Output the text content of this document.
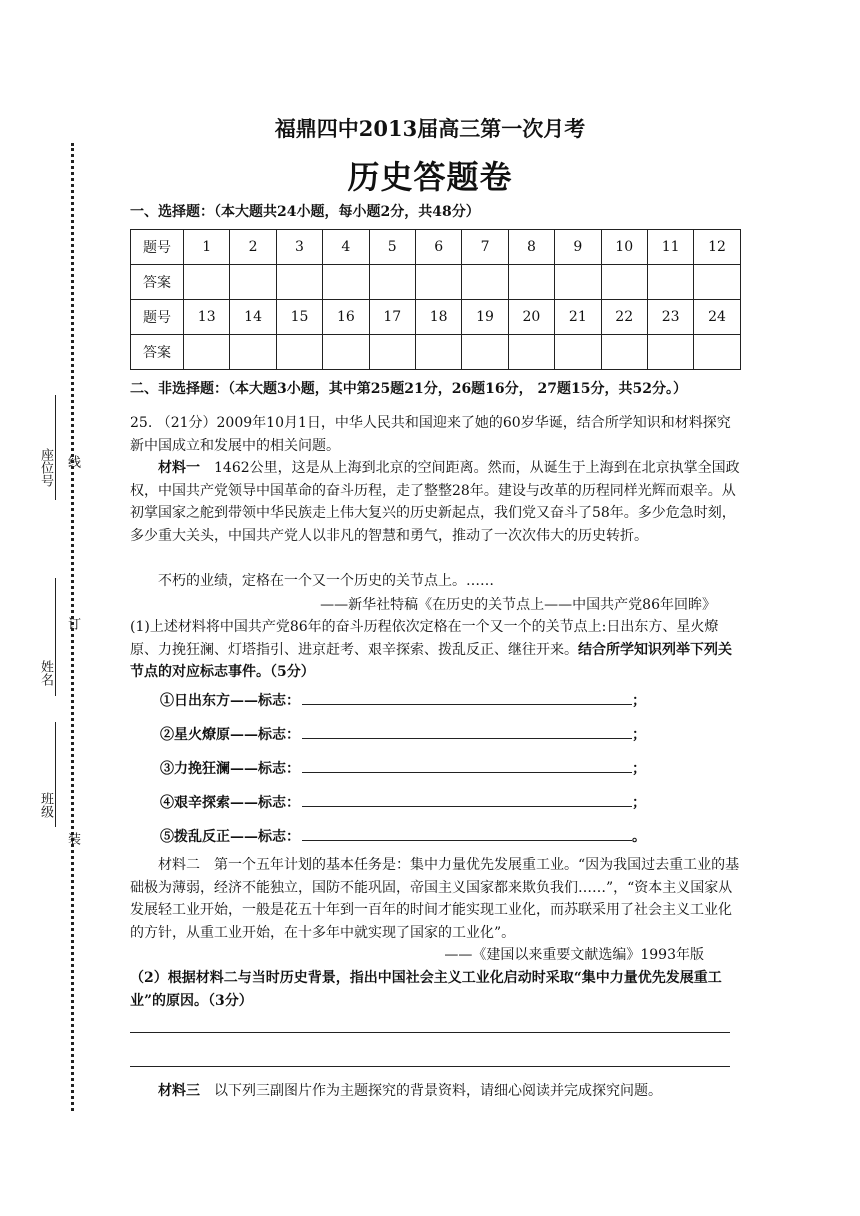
座位号
姓名
班级
线
订
装
福鼎四中2013届高三第一次月考
历史答题卷
一、选择题：（本大题共24小题，每小题2分，共48分）
题号	1	2	3	4	5	6	7	8	9	10	11	12
答案												
题号	13	14	15	16	17	18	19	20	21	22	23	24
答案												
二、非选择题：（本大题3小题，其中第25题21分，26题16分， 27题15分，共52分。）
25. （21分）2009年10月1日，中华人民共和国迎来了她的60岁华诞，结合所学知识和材料探究新中国成立和发展中的相关问题。
材料一　1462公里，这是从上海到北京的空间距离。然而，从诞生于上海到在北京执掌全国政权，中国共产党领导中国革命的奋斗历程，走了整整28年。建设与改革的历程同样光辉而艰辛。从初掌国家之舵到带领中华民族走上伟大复兴的历史新起点，我们党又奋斗了58年。多少危急时刻，多少重大关头，中国共产党人以非凡的智慧和勇气，推动了一次次伟大的历史转折。
不朽的业绩，定格在一个又一个历史的关节点上。……
——新华社特稿《在历史的关节点上——中国共产党86年回眸》
(1)上述材料将中国共产党86年的奋斗历程依次定格在一个又一个的关节点上:日出东方、星火燎原、力挽狂澜、灯塔指引、进京赶考、艰辛探索、拨乱反正、继往开来。结合所学知识列举下列关节点的对应标志事件。（5分）
①日出东方——标志：	；
②星火燎原——标志：	；
③力挽狂澜——标志：	；
④艰辛探索——标志：	；
⑤拨乱反正——标志：	。
材料二　第一个五年计划的基本任务是：集中力量优先发展重工业。“因为我国过去重工业的基础极为薄弱，经济不能独立，国防不能巩固，帝国主义国家都来欺负我们……”，“资本主义国家从发展轻工业开始，一般是花五十年到一百年的时间才能实现工业化，而苏联采用了社会主义工业化的方针，从重工业开始，在十多年中就实现了国家的工业化”。
——《建国以来重要文献选编》1993年版
（2）根据材料二与当时历史背景，指出中国社会主义工业化启动时采取“集中力量优先发展重工业”的原因。（3分）
材料三　以下列三副图片作为主题探究的背景资料，请细心阅读并完成探究问题。
